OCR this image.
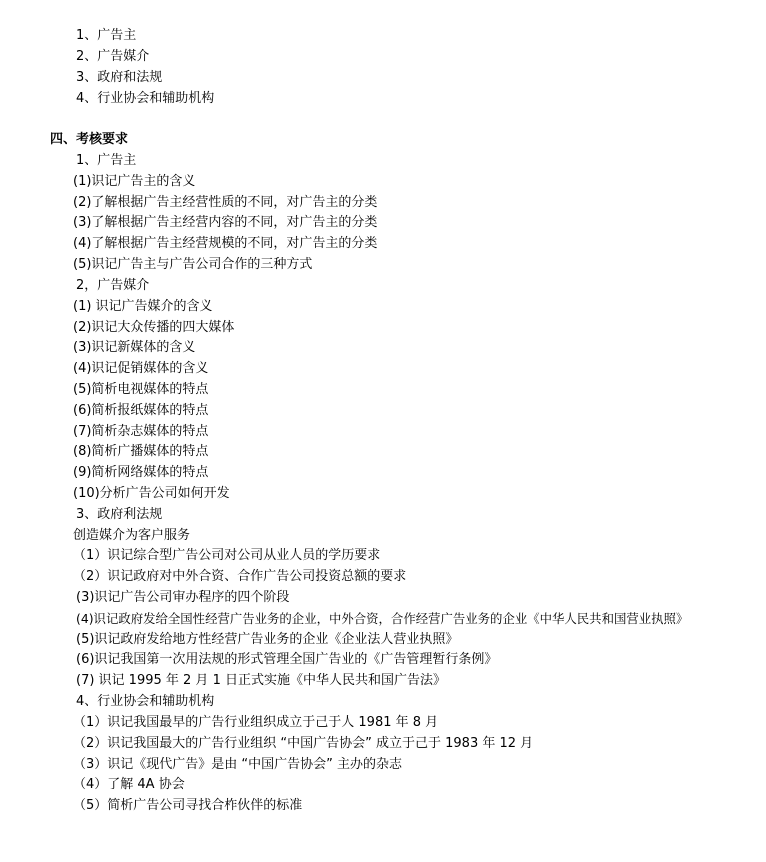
1、广告主
2、广告媒介
3、政府和法规
4、行业协会和辅助机构
四、考核要求
1、广告主
(1)识记广告主的含义
(2)了解根据广告主经营性质的不同，对广告主的分类
(3)了解根据广告主经营内容的不同，对广告主的分类
(4)了解根据广告主经营规模的不同，对广告主的分类
(5)识记广告主与广告公司合作的三种方式
2，广告媒介
(1) 识记广告媒介的含义
(2)识记大众传播的四大媒体
(3)识记新媒体的含义
(4)识记促销媒体的含义
(5)简析电视媒体的特点
(6)简析报纸媒体的特点
(7)简析杂志媒体的特点
(8)简析广播媒体的特点
(9)简析网络媒体的特点
(10)分析广告公司如何开发
3、政府利法规
创造媒介为客户服务
（1）识记综合型广告公司对公司从业人员的学历要求
（2）识记政府对中外合资、合作广告公司投资总额的要求
(3)识记广告公司审办程序的四个阶段
(4)识记政府发给全国性经营广告业务的企业，中外合资，合作经营广告业务的企业《中华人民共和国营业执照》
(5)识记政府发给地方性经营广告业务的企业《企业法人营业执照》
(6)识记我国第一次用法规的形式管理全国广告业的《广告管理暂行条例》
(7) 识记 1995 年 2 月 1 日正式实施《中华人民共和国广告法》
4、行业协会和辅助机构
（1）识记我国最早的广告行业组织成立于己于人 1981 年 8 月
（2）识记我国最大的广告行业组织 “中国广告协会” 成立于己于 1983 年 12 月
（3）识记《现代广告》是由 “中国广告协会” 主办的杂志
（4）了解 4A 协会
（5）简析广告公司寻找合柞伙伴的标准
